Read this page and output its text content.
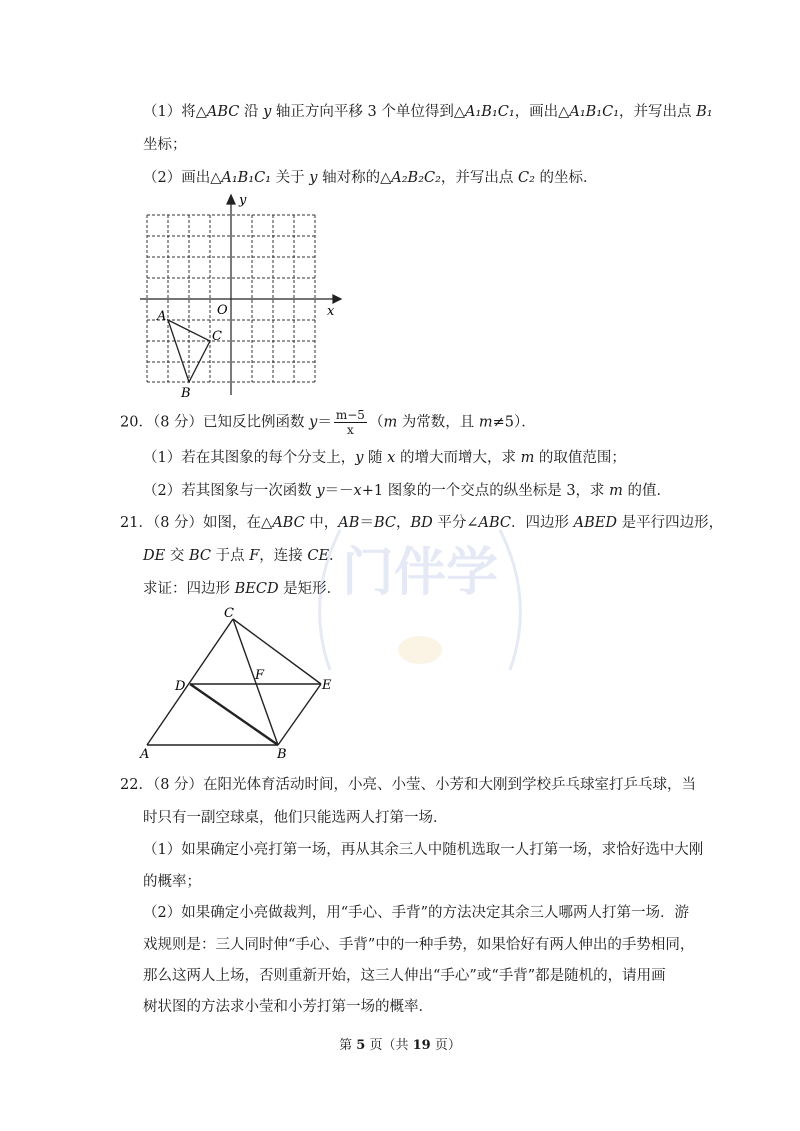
门伴学
（1）将△ABC 沿 y 轴正方向平移 3 个单位得到△A₁B₁C₁，画出△A₁B₁C₁，并写出点 B₁
坐标；
（2）画出△A₁B₁C₁ 关于 y 轴对称的△A₂B₂C₂，并写出点 C₂ 的坐标．
y
x
O
A
C
B
20．（8 分）已知反比例函数 $y= \frac{m-5}{x} (m$ 为常数，且 m≠5）．
（1）若在其图象的每个分支上，y 随 x 的增大而增大，求 m 的取值范围；
（2）若其图象与一次函数 y＝－x+1 图象的一个交点的纵坐标是 3，求 m 的值．
21．（8 分）如图，在△ABC 中，AB＝BC，BD 平分∠ABC．四边形 ABED 是平行四边形，
DE 交 BC 于点 F，连接 CE．
求证：四边形 BECD 是矩形．
C
D
F
E
A	B
22．（8 分）在阳光体育活动时间，小亮、小莹、小芳和大刚到学校乒乓球室打乒乓球，当
时只有一副空球桌，他们只能选两人打第一场．
（1）如果确定小亮打第一场，再从其余三人中随机选取一人打第一场，求恰好选中大刚
的概率；
（2）如果确定小亮做裁判，用“手心、手背”的方法决定其余三人哪两人打第一场．游
戏规则是：三人同时伸“手心、手背”中的一种手势，如果恰好有两人伸出的手势相同，
那么这两人上场，否则重新开始，这三人伸出“手心”或“手背”都是随机的，请用画
树状图的方法求小莹和小芳打第一场的概率．
第 5 页（共 19 页）
